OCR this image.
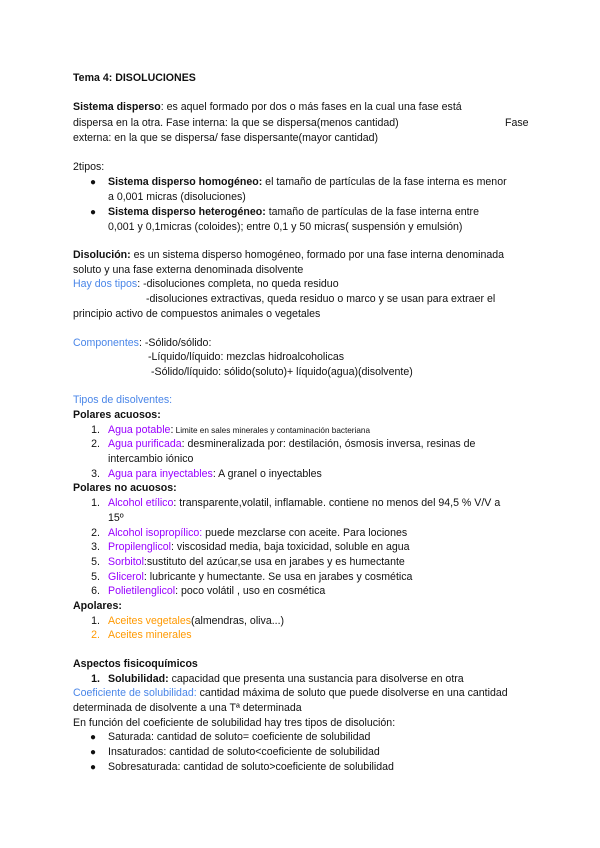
Tema 4: DISOLUCIONES
Sistema disperso: es aquel formado por dos o más fases en la cual una fase está
dispersa en la otra. Fase interna: la que se dispersa(menos cantidad)	Fase
externa: en la que se dispersa/ fase dispersante(mayor cantidad)
2tipos:
● Sistema disperso homogéneo: el tamaño de partículas de la fase interna es menor
a 0,001 micras (disoluciones)
● Sistema disperso heterogéneo: tamaño de partículas de la fase interna entre
0,001 y 0,1micras (coloides); entre 0,1 y 50 micras( suspensión y emulsión)
Disolución: es un sistema disperso homogéneo, formado por una fase interna denominada
soluto y una fase externa denominada disolvente
Hay dos tipos: -disoluciones completa, no queda residuo
-disoluciones extractivas, queda residuo o marco y se usan para extraer el
principio activo de compuestos animales o vegetales
Componentes: -Sólido/sólido:
-Líquido/líquido: mezclas hidroalcoholicas
-Sólido/líquido: sólido(soluto)+ líquido(agua)(disolvente)
Tipos de disolventes:
Polares acuosos:
1. Agua potable: Limite en sales minerales y contaminación bacteriana
2. Agua purificada: desmineralizada por: destilación, ósmosis inversa, resinas de
intercambio iónico
3. Agua para inyectables: A granel o inyectables
Polares no acuosos:
1. Alcohol etílico: transparente,volatil, inflamable. contiene no menos del 94,5 % V/V a
15º
2. Alcohol isopropílico: puede mezclarse con aceite. Para lociones
3. Propilenglicol: viscosidad media, baja toxicidad, soluble en agua
5. Sorbitol:sustituto del azúcar,se usa en jarabes y es humectante
5. Glicerol: lubricante y humectante. Se usa en jarabes y cosmética
6. Polietilenglicol: poco volátil , uso en cosmética
Apolares:
1. Aceites vegetales(almendras, oliva...)
2. Aceites minerales
Aspectos fisicoquímicos
1. Solubilidad: capacidad que presenta una sustancia para disolverse en otra
Coeficiente de solubilidad: cantidad máxima de soluto que puede disolverse en una cantidad
determinada de disolvente a una Tª determinada
En función del coeficiente de solubilidad hay tres tipos de disolución:
● Saturada: cantidad de soluto= coeficiente de solubilidad
● Insaturados: cantidad de soluto<coeficiente de solubilidad
● Sobresaturada: cantidad de soluto>coeficiente de solubilidad
